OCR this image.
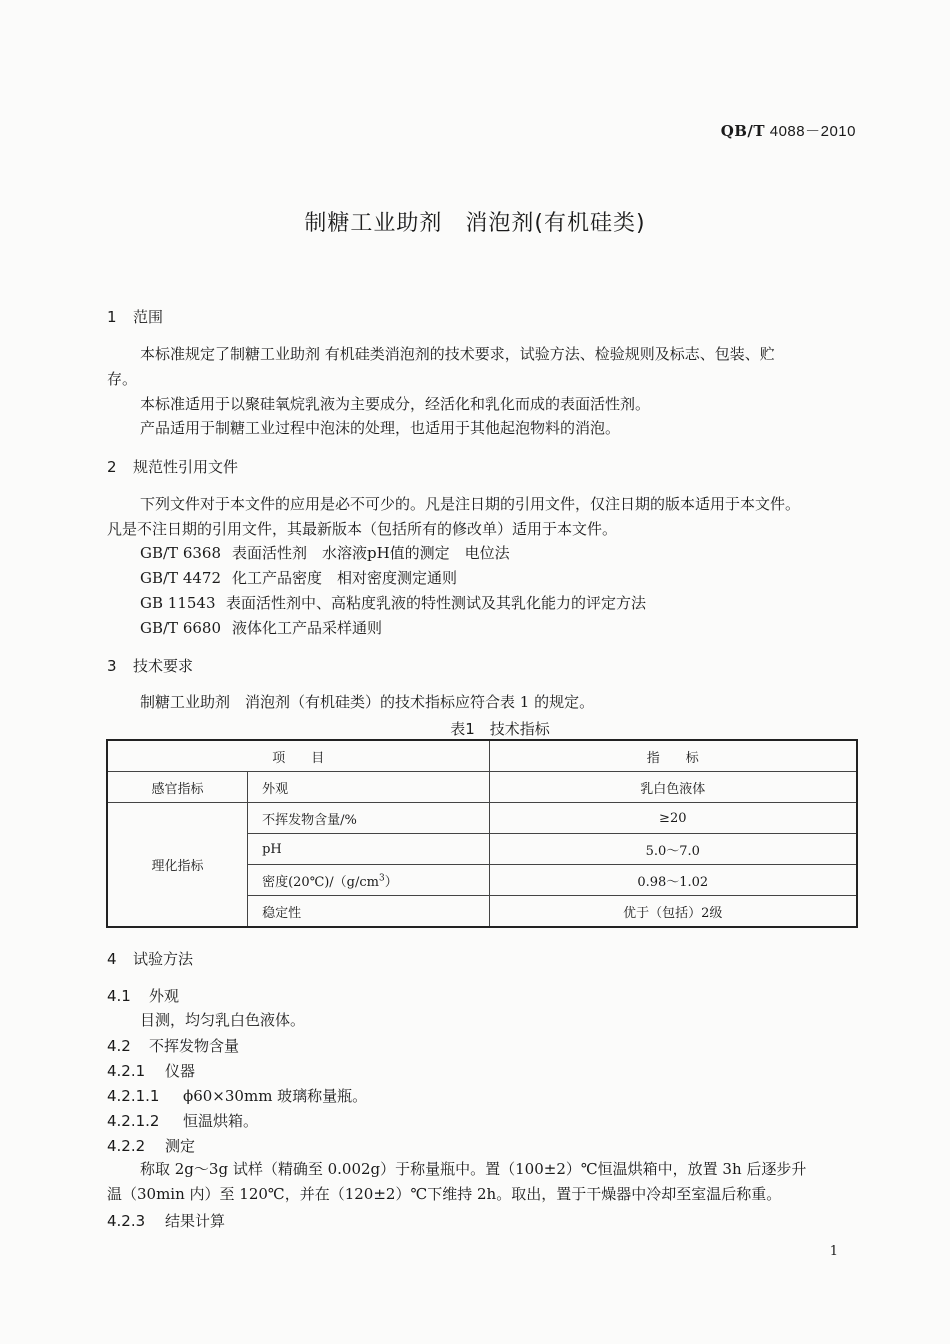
QB/T 4088－2010
制糖工业助剂　消泡剂(有机硅类)
1 范围
本标准规定了制糖工业助剂 有机硅类消泡剂的技术要求，试验方法、检验规则及标志、包装、贮
存。
本标准适用于以聚硅氧烷乳液为主要成分，经活化和乳化而成的表面活性剂。
产品适用于制糖工业过程中泡沫的处理，也适用于其他起泡物料的消泡。
2 规范性引用文件
下列文件对于本文件的应用是必不可少的。凡是注日期的引用文件，仅注日期的版本适用于本文件。
凡是不注日期的引用文件，其最新版本（包括所有的修改单）适用于本文件。
GB/T 6368 表面活性剂　水溶液pH值的测定　电位法
GB/T 4472 化工产品密度　相对密度测定通则
GB 11543 表面活性剂中、高粘度乳液的特性测试及其乳化能力的评定方法
GB/T 6680 液体化工产品采样通则
3 技术要求
制糖工业助剂　消泡剂（有机硅类）的技术指标应符合表 1 的规定。
表1　技术指标
项　　目		指　　标
感官指标	外观	乳白色液体
理化指标	不挥发物含量/%	≥20
	pH	5.0～7.0
	密度$(20℃)/(g/cm^3)$	0.98～1.02
	稳定性	优于（包括）2级
4 试验方法
4.1 外观
目测，均匀乳白色液体。
4.2 不挥发物含量
4.2.1 仪器
4.2.1.1 ϕ60×30mm 玻璃称量瓶。
4.2.1.2 恒温烘箱。
4.2.2 测定
称取 2g～3g 试样（精确至 0.002g）于称量瓶中。置（100±2）℃恒温烘箱中，放置 3h 后逐步升
温（30min 内）至 120℃，并在（120±2）℃下维持 2h。取出，置于干燥器中冷却至室温后称重。
4.2.3 结果计算
1
